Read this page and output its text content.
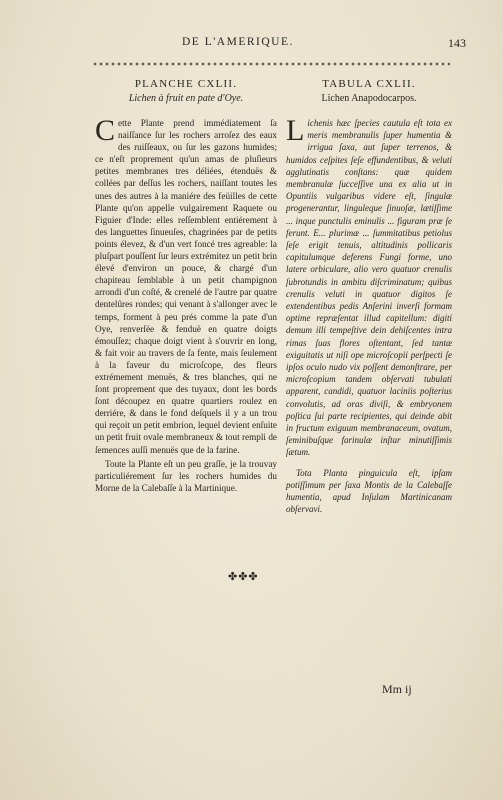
DE L'AMERIQUE.	143

PLANCHE CXLII.

Lichen à fruit en pate d'Oye.

Cette Plante prend immédiatement ſa naiſſance ſur les rochers arroſez des eaux des ruiſſeaux, ou ſur les gazons humides; ce n'eſt proprement qu'un amas de pluſieurs petites membranes tres déliées, étenduës & collées par deſſus les rochers, naiſſant toutes les unes des autres à la maniére des feüilles de cette Plante qu'on appelle vulgairement Raquete ou Figuier d'Inde: elles reſſemblent entiérement à des languettes ſinueuſes, chagrinées par de petits points élevez, & d'un vert foncé tres agreable: la pluſpart pouſſent ſur leurs extrémitez un petit brin élevé d'environ un pouce, & chargé d'un chapiteau ſemblable à un petit champignon arrondi d'un coſté, & crenelé de l'autre par quatre dentelûres rondes; qui venant à s'allonger avec le temps, forment à peu prés comme la pate d'un Oye, renverſée & fenduë en quatre doigts émouſſez; chaque doigt vient à s'ouvrir en long, & fait voir au travers de ſa fente, mais ſeulement à la faveur du microſcope, des fleurs extrémement menuës, & tres blanches, qui ne ſont proprement que des tuyaux, dont les bords ſont découpez en quatre quartiers roulez en derriére, & dans le fond deſquels il y a un trou qui reçoit un petit embrion, lequel devient enſuite un petit fruit ovale membraneux & tout rempli de ſemences auſſi menuës que de la farine.

Toute la Plante eſt un peu graſſe, je la trouvay particuliérement ſur les rochers humides du Morne de la Calebaſſe à la Martinique.

TABULA CXLII.

Lichen Anapodocarpos.

Lichenis hæc ſpecies cautula eſt tota ex meris membranulis ſuper humentia & irrigua ſaxa, aut ſuper terrenos, & humidos ceſpites ſeſe effundentibus, & veluti agglutinatis conſtans: quæ quidem membranulæ ſucceſſive una ex alia ut in Opuntiis vulgaribus videre eſt, ſingulæ progenerantur, linguleque ſinuoſæ, lætiſſime ... inque punctulis eminulis ... figuram præ ſe ferunt. E... plurimæ ... ſummitatibus petiolus ſeſe erigit tenuis, altitudinis pollicaris capitulumque deferens Fungi forme, uno latere orbiculare, alio vero quatuor crenulis ſubrotundis in ambitu diſcriminatum; quibus crenulis veluti in quatuor digitos ſe extendentibus pedis Anſerini inverſi formam optime repræſentat illud capitellum: digiti demum illi tempeſtive dein dehiſcentes intra rimas ſuas flores oſtentant, ſed tantæ exiguitatis ut niſi ope microſcopii perſpecti ſe ipſos oculo nudo vix poſſent demonſtrare, per microſcopium tandem obſervati tubulati apparent, candidi, quatuor laciniis poſterius convolutis, ad oras diviſi, & embryonem poſtica ſui parte recipientes, qui deinde abit in fructum exiguum membranaceum, ovatum, ſeminibuſque farinulæ inſtar minutiſſimis ſætum.

Tota Planta pinguicula eſt, ipſam potiſſimum per ſaxa Montis de la Calebaſſe humentia, apud Inſulam Martinicanam obſervavi.

✤✤✤
Mm ij
